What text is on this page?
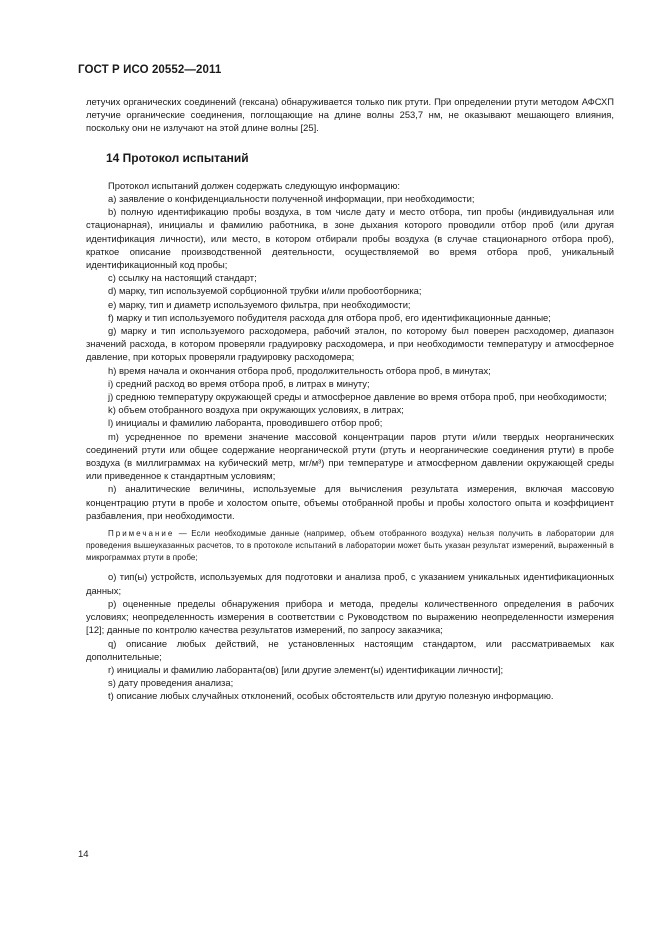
ГОСТ Р ИСО 20552—2011

летучих органических соединений (гексана) обнаруживается только пик ртути. При определении ртути методом АФСХП летучие органические соединения, поглощающие на длине волны 253,7 нм, не оказывают мешающего влияния, поскольку они не излучают на этой длине волны [25].

14 Протокол испытаний

Протокол испытаний должен содержать следующую информацию:

а) заявление о конфиденциальности полученной информации, при необходимости;

b) полную идентификацию пробы воздуха, в том числе дату и место отбора, тип пробы (индивидуальная или стационарная), инициалы и фамилию работника, в зоне дыхания которого проводили отбор проб (или другая идентификация личности), или место, в котором отбирали пробы воздуха (в случае стационарного отбора проб), краткое описание производственной деятельности, осуществляемой во время отбора проб, уникальный идентификационный код пробы;

с) ссылку на настоящий стандарт;

d) марку, тип используемой сорбционной трубки и/или пробоотборника;

е) марку, тип и диаметр используемого фильтра, при необходимости;

f) марку и тип используемого побудителя расхода для отбора проб, его идентификационные данные;

g) марку и тип используемого расходомера, рабочий эталон, по которому был поверен расходомер, диапазон значений расхода, в котором проверяли градуировку расходомера, и при необходимости температуру и атмосферное давление, при которых проверяли градуировку расходомера;

h) время начала и окончания отбора проб, продолжительность отбора проб, в минутах;

i) средний расход во время отбора проб, в литрах в минуту;

j) среднюю температуру окружающей среды и атмосферное давление во время отбора проб, при необходимости;

k) объем отобранного воздуха при окружающих условиях, в литрах;

l) инициалы и фамилию лаборанта, проводившего отбор проб;

m) усредненное по времени значение массовой концентрации паров ртути и/или твердых неорганических соединений ртути или общее содержание неорганической ртути (ртуть и неорганические соединения ртути) в пробе воздуха (в миллиграммах на кубический метр, мг/м³) при температуре и атмосферном давлении окружающей среды или приведенное к стандартным условиям;

n) аналитические величины, используемые для вычисления результата измерения, включая массовую концентрацию ртути в пробе и холостом опыте, объемы отобранной пробы и пробы холостого опыта и коэффициент разбавления, при необходимости.

Примечание — Если необходимые данные (например, объем отобранного воздуха) нельзя получить в лаборатории для проведения вышеуказанных расчетов, то в протоколе испытаний в лаборатории может быть указан результат измерений, выраженный в микрограммах ртути в пробе;

о) тип(ы) устройств, используемых для подготовки и анализа проб, с указанием уникальных идентификационных данных;

р) оцененные пределы обнаружения прибора и метода, пределы количественного определения в рабочих условиях; неопределенность измерения в соответствии с Руководством по выражению неопределенности измерения [12]; данные по контролю качества результатов измерений, по запросу заказчика;

q) описание любых действий, не установленных настоящим стандартом, или рассматриваемых как дополнительные;

r) инициалы и фамилию лаборанта(ов) [или другие элемент(ы) идентификации личности];

s) дату проведения анализа;

t) описание любых случайных отклонений, особых обстоятельств или другую полезную информацию.

14
